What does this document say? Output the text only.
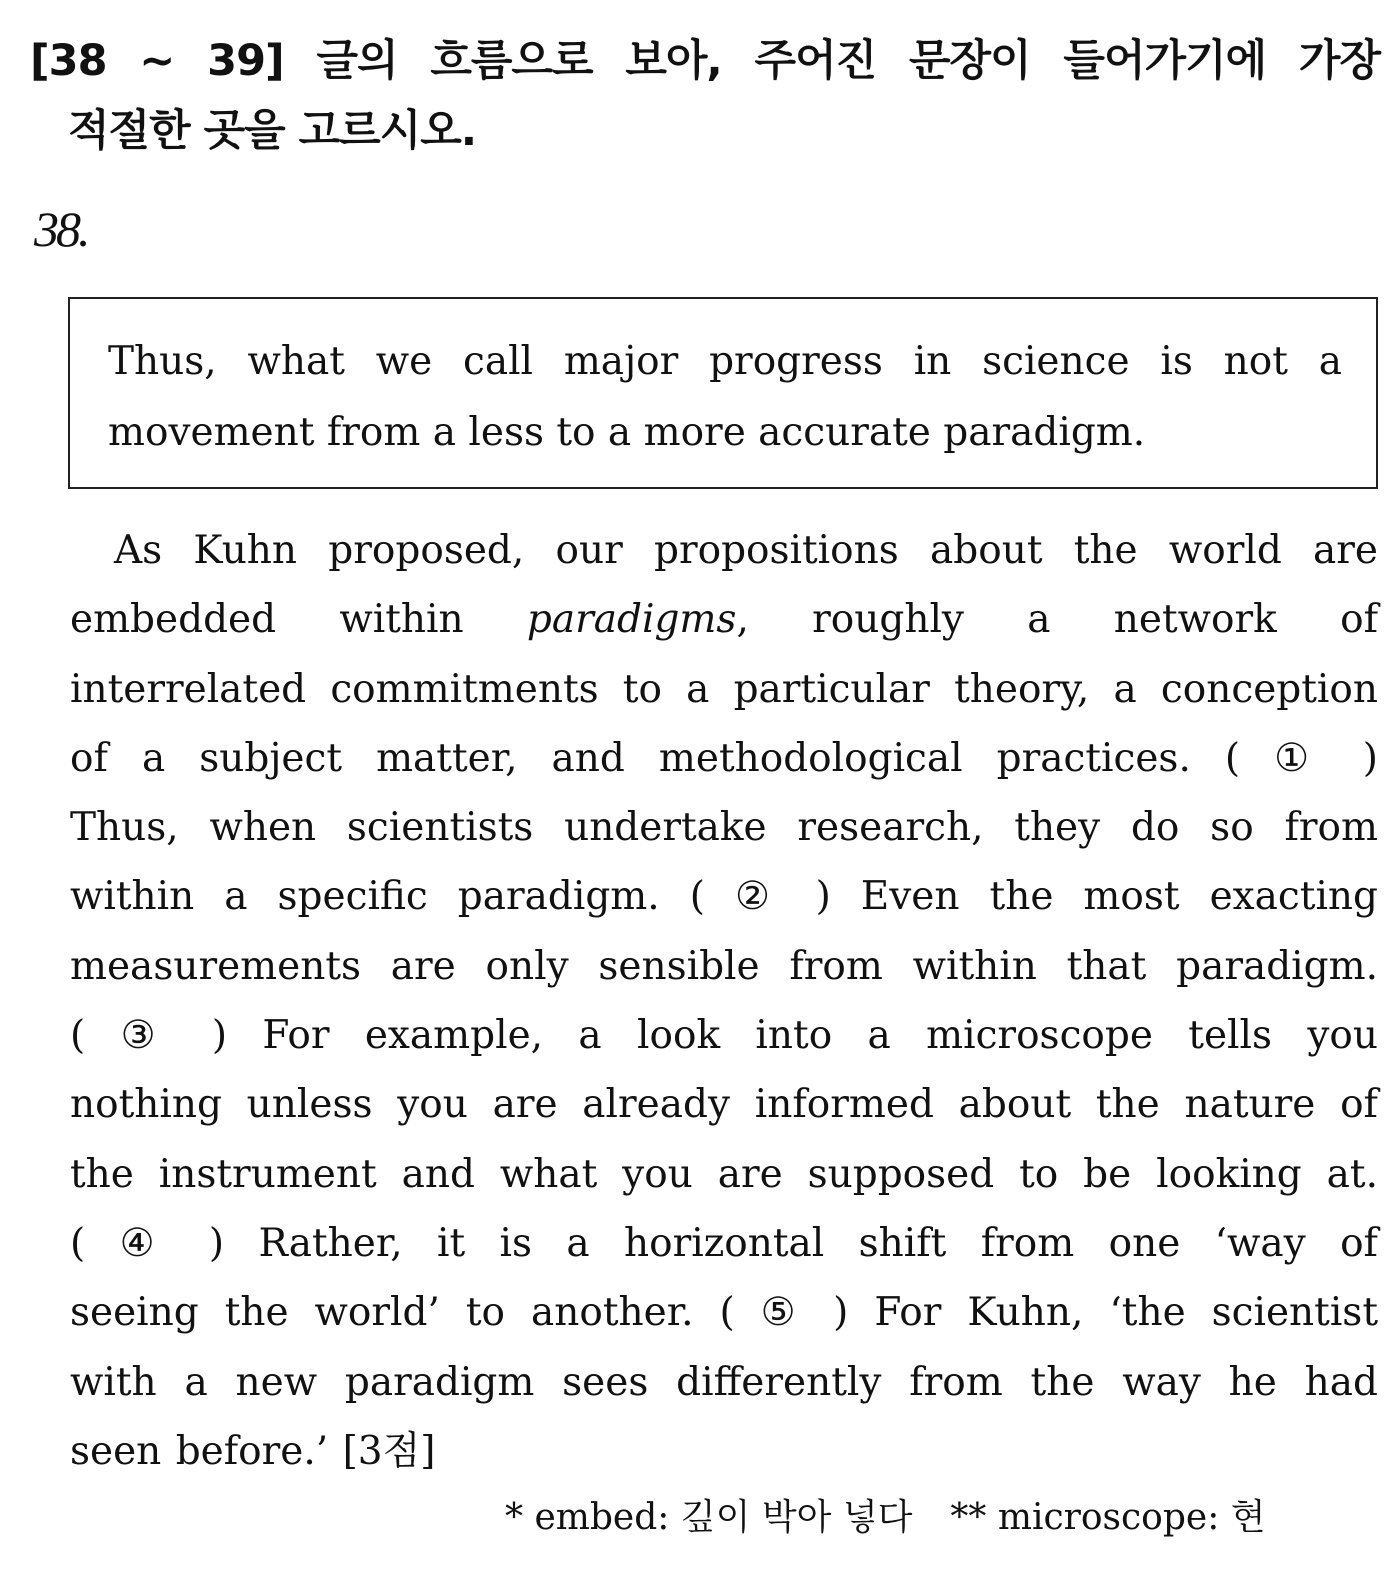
[38 ~ 39] 글의 흐름으로 보아, 주어진 문장이 들어가기에 가장
적절한 곳을 고르시오.
38.
Thus, what we call major progress in science is not a
movement from a less to a more accurate paradigm.
As Kuhn proposed, our propositions about the world are
embedded within paradigms, roughly a network of
interrelated commitments to a particular theory, a conception
of a subject matter, and methodological practices. ( ① )
Thus, when scientists undertake research, they do so from
within a specific paradigm. ( ② ) Even the most exacting
measurements are only sensible from within that paradigm.
( ③ ) For example, a look into a microscope tells you
nothing unless you are already informed about the nature of
the instrument and what you are supposed to be looking at.
( ④ ) Rather, it is a horizontal shift from one ‘way of
seeing the world’ to another. ( ⑤ ) For Kuhn, ‘the scientist
with a new paradigm sees differently from the way he had
seen before.’ [3점]
* embed: 깊이 박아 넣다 ** microscope: 현
